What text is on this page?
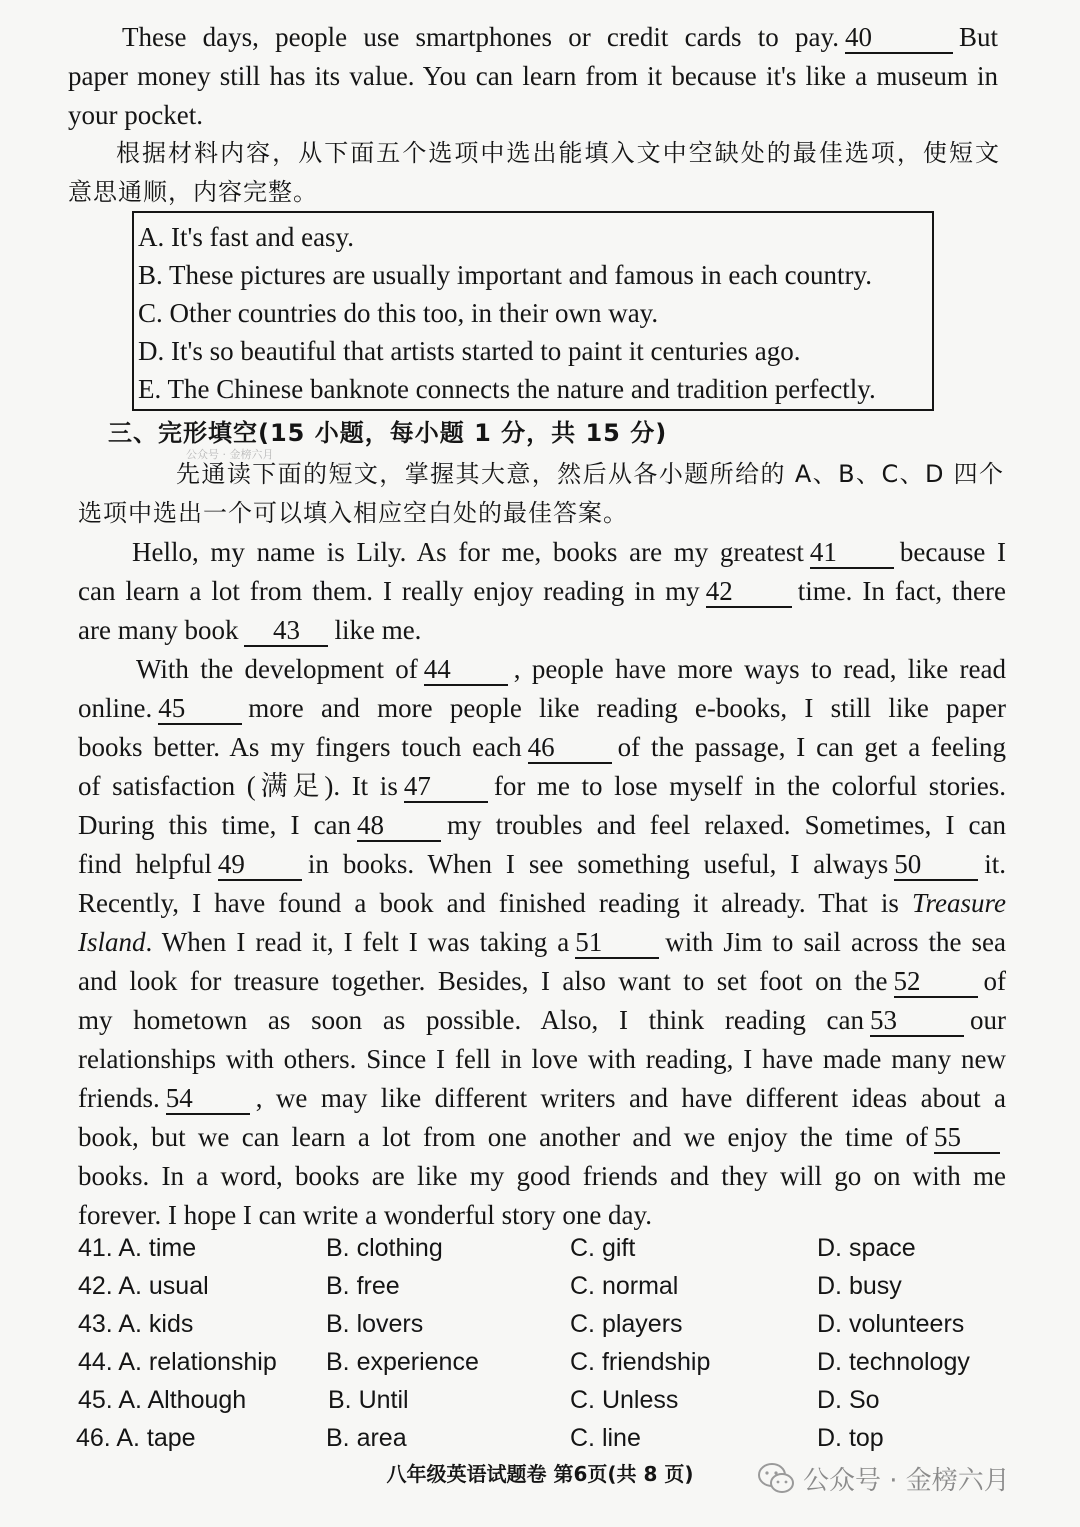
These days, people use smartphones or credit cards to pay. 40	But
paper money still has its value. You can learn from it because it's like a museum in
your pocket.
根据材料内容，从下面五个选项中选出能填入文中空缺处的最佳选项，使短文
意思通顺，内容完整。
A. It's fast and easy.
B. These pictures are usually important and famous in each country.
C. Other countries do this too, in their own way.
D. It's so beautiful that artists started to paint it centuries ago.
E. The Chinese banknote connects the nature and tradition perfectly.
三、完形填空(15 小题，每小题 1 分，共 15 分)
公众号 · 金榜六月
先通读下面的短文，掌握其大意，然后从各小题所给的 A、B、C、D 四个
选项中选出一个可以填入相应空白处的最佳答案。
Hello, my name is Lily. As for me, books are my greatest 41 because I
can learn a lot from them. I really enjoy reading in my 42 time. In fact, there
are many book 43 like me.
With the development of 44 , people have more ways to read, like read
online. 45 more and more people like reading e-books, I still like paper
books better. As my fingers touch each 46 of the passage, I can get a feeling
of satisfaction (满足). It is 47 for me to lose myself in the colorful stories.
During this time, I can 48 my troubles and feel relaxed. Sometimes, I can
find helpful 49 in books. When I see something useful, I always 50 it.
Recently, I have found a book and finished reading it already. That is Treasure
Island. When I read it, I felt I was taking a 51 with Jim to sail across the sea
and look for treasure together. Besides, I also want to set foot on the 52 of
my hometown as soon as possible. Also, I think reading can 53	our
relationships with others. Since I fell in love with reading, I have made many new
friends. 54 , we may like different writers and have different ideas about a
book, but we can learn a lot from one another and we enjoy the time of 55
books. In a word, books are like my good friends and they will go on with me
forever. I hope I can write a wonderful story one day.
41. A. time	B. clothing	C. gift	D. space
42. A. usual	B. free	C. normal	D. busy
43. A. kids	B. lovers	C. players	D. volunteers
44. A. relationship B. experience	C. friendship	D. technology
45. A. Although	B. Until	C. Unless	D. So
46. A. tape	B. area	C. line	D. top
八年级英语试题卷 第6页(共 8 页)	公众号 · 金榜六月
